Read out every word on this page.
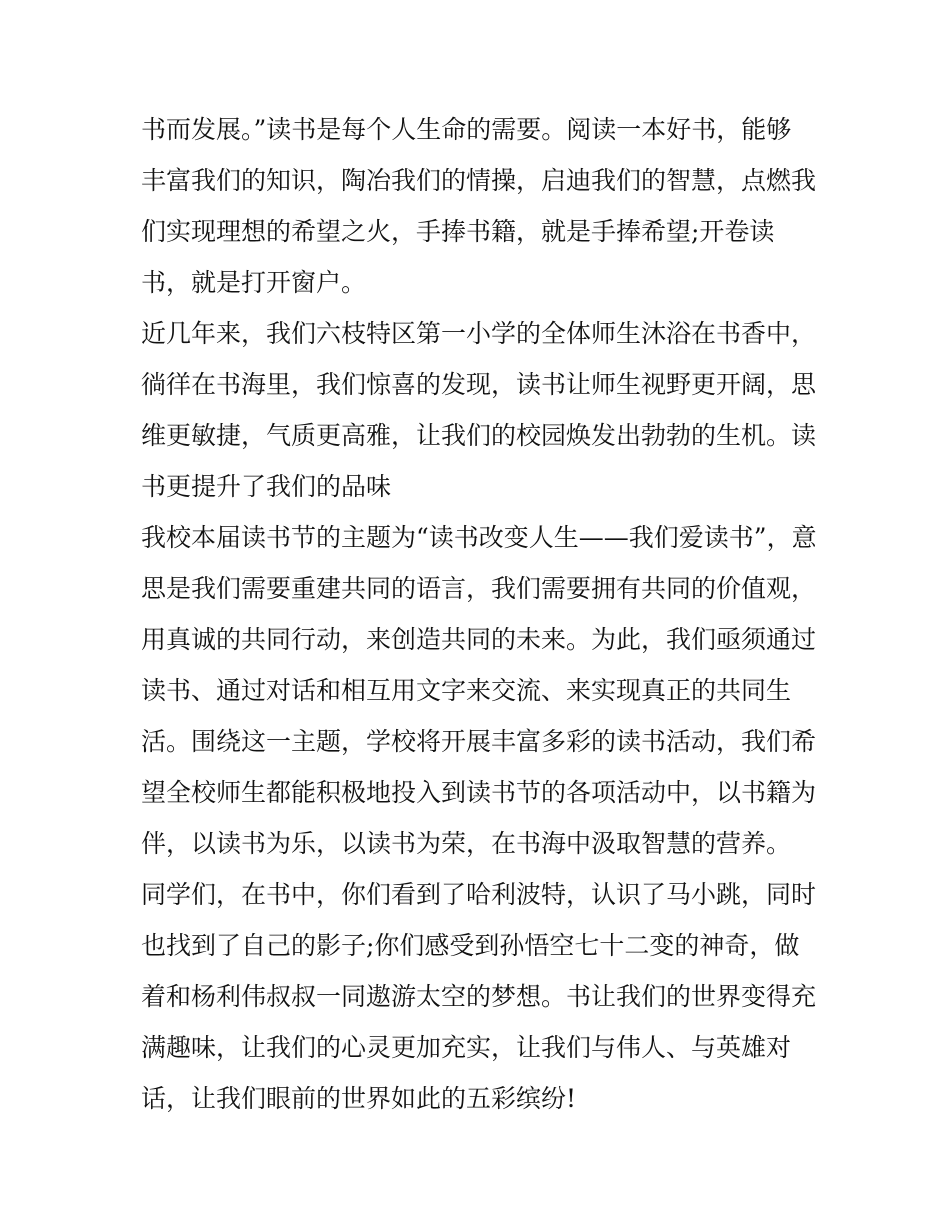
书而发展。”读书是每个人生命的需要。阅读一本好书，能够
丰富我们的知识，陶冶我们的情操，启迪我们的智慧，点燃我
们实现理想的希望之火，手捧书籍，就是手捧希望;开卷读
书，就是打开窗户。
近几年来，我们六枝特区第一小学的全体师生沐浴在书香中，
徜徉在书海里，我们惊喜的发现，读书让师生视野更开阔，思
维更敏捷，气质更高雅，让我们的校园焕发出勃勃的生机。读
书更提升了我们的品味
我校本届读书节的主题为“读书改变人生——我们爱读书”，意
思是我们需要重建共同的语言，我们需要拥有共同的价值观，
用真诚的共同行动，来创造共同的未来。为此，我们亟须通过
读书、通过对话和相互用文字来交流、来实现真正的共同生
活。围绕这一主题，学校将开展丰富多彩的读书活动，我们希
望全校师生都能积极地投入到读书节的各项活动中，以书籍为
伴，以读书为乐，以读书为荣，在书海中汲取智慧的营养。
同学们，在书中，你们看到了哈利波特，认识了马小跳，同时
也找到了自己的影子;你们感受到孙悟空七十二变的神奇，做
着和杨利伟叔叔一同遨游太空的梦想。书让我们的世界变得充
满趣味，让我们的心灵更加充实，让我们与伟人、与英雄对
话，让我们眼前的世界如此的五彩缤纷!
